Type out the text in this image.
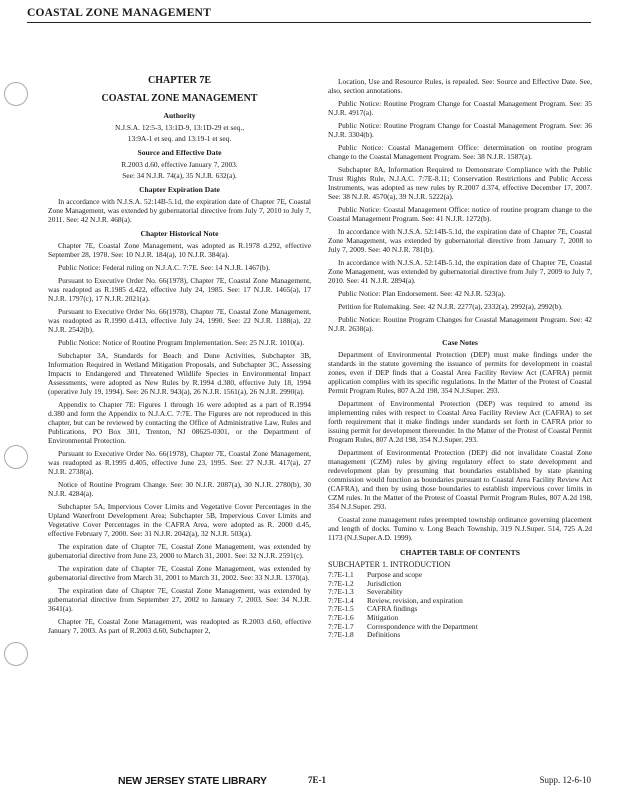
COASTAL ZONE MANAGEMENT
CHAPTER 7E
COASTAL ZONE MANAGEMENT
Authority

N.J.S.A. 12:5-3, 13:1D-9, 13:1D-29 et seq.,

13:9A-1 et seq. and 13:19-1 et seq.

Source and Effective Date

R.2003 d.60, effective January 7, 2003.

See: 34 N.J.R. 74(a), 35 N.J.R. 632(a).

Chapter Expiration Date

In accordance with N.J.S.A. 52:14B-5.1d, the expiration date of Chapter 7E, Coastal Zone Management, was extended by gubernatorial directive from July 7, 2010 to July 7, 2011. See: 42 N.J.R. 468(a).

Chapter Historical Note

Chapter 7E, Coastal Zone Management, was adopted as R.1978 d.292, effective September 28, 1978. See: 10 N.J.R. 184(a), 10 N.J.R. 384(a).

Public Notice: Federal ruling on N.J.A.C. 7:7E. See: 14 N.J.R. 1467(b).

Pursuant to Executive Order No. 66(1978), Chapter 7E, Coastal Zone Management, was readopted as R.1985 d.422, effective July 24, 1985. See: 17 N.J.R. 1465(a), 17 N.J.R. 1797(c), 17 N.J.R. 2021(a).

Pursuant to Executive Order No. 66(1978), Chapter 7E, Coastal Zone Management, was readopted as R.1990 d.413, effective July 24, 1990. See: 22 N.J.R. 1188(a), 22 N.J.R. 2542(b).

Public Notice: Notice of Routine Program Implementation. See: 25 N.J.R. 1010(a).

Subchapter 3A, Standards for Beach and Dune Activities, Subchapter 3B, Information Required in Wetland Mitigation Proposals, and Subchapter 3C, Assessing Impacts to Endangered and Threatened Wildlife Species in Environmental Impact Assessments, were adopted as New Rules by R.1994 d.380, effective July 18, 1994 (operative July 19, 1994). See: 26 N.J.R. 943(a), 26 N.J.R. 1561(a), 26 N.J.R. 2990(a).

Appendix to Chapter 7E: Figures 1 through 16 were adopted as a part of R.1994 d.380 and form the Appendix to N.J.A.C. 7:7E. The Figures are not reproduced in this chapter, but can be reviewed by contacting the Office of Administrative Law, Rules and Publications, PO Box 301, Trenton, NJ 08625-0301, or the Department of Environmental Protection.

Pursuant to Executive Order No. 66(1978), Chapter 7E, Coastal Zone Management, was readopted as R.1995 d.405, effective June 23, 1995. See: 27 N.J.R. 417(a), 27 N.J.R. 2738(a).

Notice of Routine Program Change. See: 30 N.J.R. 2087(a), 30 N.J.R. 2780(b), 30 N.J.R. 4284(a).

Subchapter 5A, Impervious Cover Limits and Vegetative Cover Percentages in the Upland Waterfront Development Area; Subchapter 5B, Impervious Cover Limits and Vegetative Cover Percentages in the CAFRA Area, were adopted as R. 2000 d.45, effective February 7, 2000. See: 31 N.J.R. 2042(a), 32 N.J.R. 503(a).

The expiration date of Chapter 7E, Coastal Zone Management, was extended by gubernatorial directive from June 23, 2000 to March 31, 2001. See: 32 N.J.R. 2591(c).

The expiration date of Chapter 7E, Coastal Zone Management, was extended by gubernatorial directive from March 31, 2001 to March 31, 2002. See: 33 N.J.R. 1370(a).

The expiration date of Chapter 7E, Coastal Zone Management, was extended by gubernatorial directive from September 27, 2002 to January 7, 2003. See: 34 N.J.R. 3641(a).

Chapter 7E, Coastal Zone Management, was readopted as R.2003 d.60, effective January 7, 2003. As part of R.2003 d.60, Subchapter 2,

Location, Use and Resource Rules, is repealed. See: Source and Effective Date. See, also, section annotations.

Public Notice: Routine Program Change for Coastal Management Program. See: 35 N.J.R. 4917(a).

Public Notice: Routine Program Change for Coastal Management Program. See: 36 N.J.R. 3304(b).

Public Notice: Coastal Management Office: determination on routine program change to the Coastal Management Program. See: 38 N.J.R. 1587(a).

Subchapter 8A, Information Required to Demonstrate Compliance with the Public Trust Rights Rule, N.J.A.C. 7:7E-8.11; Conservation Restrictions and Public Access Instruments, was adopted as new rules by R.2007 d.374, effective December 17, 2007. See: 38 N.J.R. 4570(a), 39 N.J.R. 5222(a).

Public Notice: Coastal Management Office: notice of routine program change to the Coastal Management Program. See: 41 N.J.R. 1272(b).

In accordance with N.J.S.A. 52:14B-5.1d, the expiration date of Chapter 7E, Coastal Zone Management, was extended by gubernatorial directive from January 7, 2008 to July 7, 2009. See: 40 N.J.R. 781(b).

In accordance with N.J.S.A. 52:14B-5.1d, the expiration date of Chapter 7E, Coastal Zone Management, was extended by gubernatorial directive from July 7, 2009 to July 7, 2010. See: 41 N.J.R. 2894(a).

Public Notice: Plan Endorsement. See: 42 N.J.R. 523(a).

Petition for Rulemaking. See: 42 N.J.R. 2277(a), 2332(a), 2992(a), 2992(b).

Public Notice: Routine Program Changes for Coastal Management Program. See: 42 N.J.R. 2638(a).

Case Notes

Department of Environmental Protection (DEP) must make findings under the standards in the statute governing the issuance of permits for development in coastal zones, even if DEP finds that a Coastal Area Facility Review Act (CAFRA) permit application complies with its specific regulations. In the Matter of the Protest of Coastal Permit Program Rules, 807 A.2d 198, 354 N.J.Super. 293.

Department of Environmental Protection (DEP) was required to amend its implementing rules with respect to Coastal Area Facility Review Act (CAFRA) to set forth requirement that it make findings under standards set forth in CAFRA prior to issuing permit for development thereunder. In the Matter of the Protest of Coastal Permit Program Rules, 807 A.2d 198, 354 N.J.Super. 293.

Department of Environmental Protection (DEP) did not invalidate Coastal Zone management (CZM) rules by giving regulatory effect to state development and redevelopment plan by presuming that boundaries established by state planning commission would function as boundaries pursuant to Coastal Area Facility Review Act (CAFRA), and then by using those boundaries to establish impervious cover limits in CZM rules. In the Matter of the Protest of Coastal Permit Program Rules, 807 A.2d 198, 354 N.J.Super. 293.

Coastal zone management rules preempted township ordinance governing placement and length of docks. Tumino v. Long Beach Township, 319 N.J.Super. 514, 725 A.2d 1173 (N.J.Super.A.D. 1999).

CHAPTER TABLE OF CONTENTS

SUBCHAPTER 1. INTRODUCTION

7:7E-1.1	Purpose and scope
7:7E-1.2	Jurisdiction
7:7E-1.3	Severability
7:7E-1.4	Review, revision, and expiration
7:7E-1.5	CAFRA findings
7:7E-1.6	Mitigation
7:7E-1.7	Correspondence with the Department
7:7E-1.8	Definitions
NEW JERSEY STATE LIBRARY	7E-1	Supp. 12-6-10
